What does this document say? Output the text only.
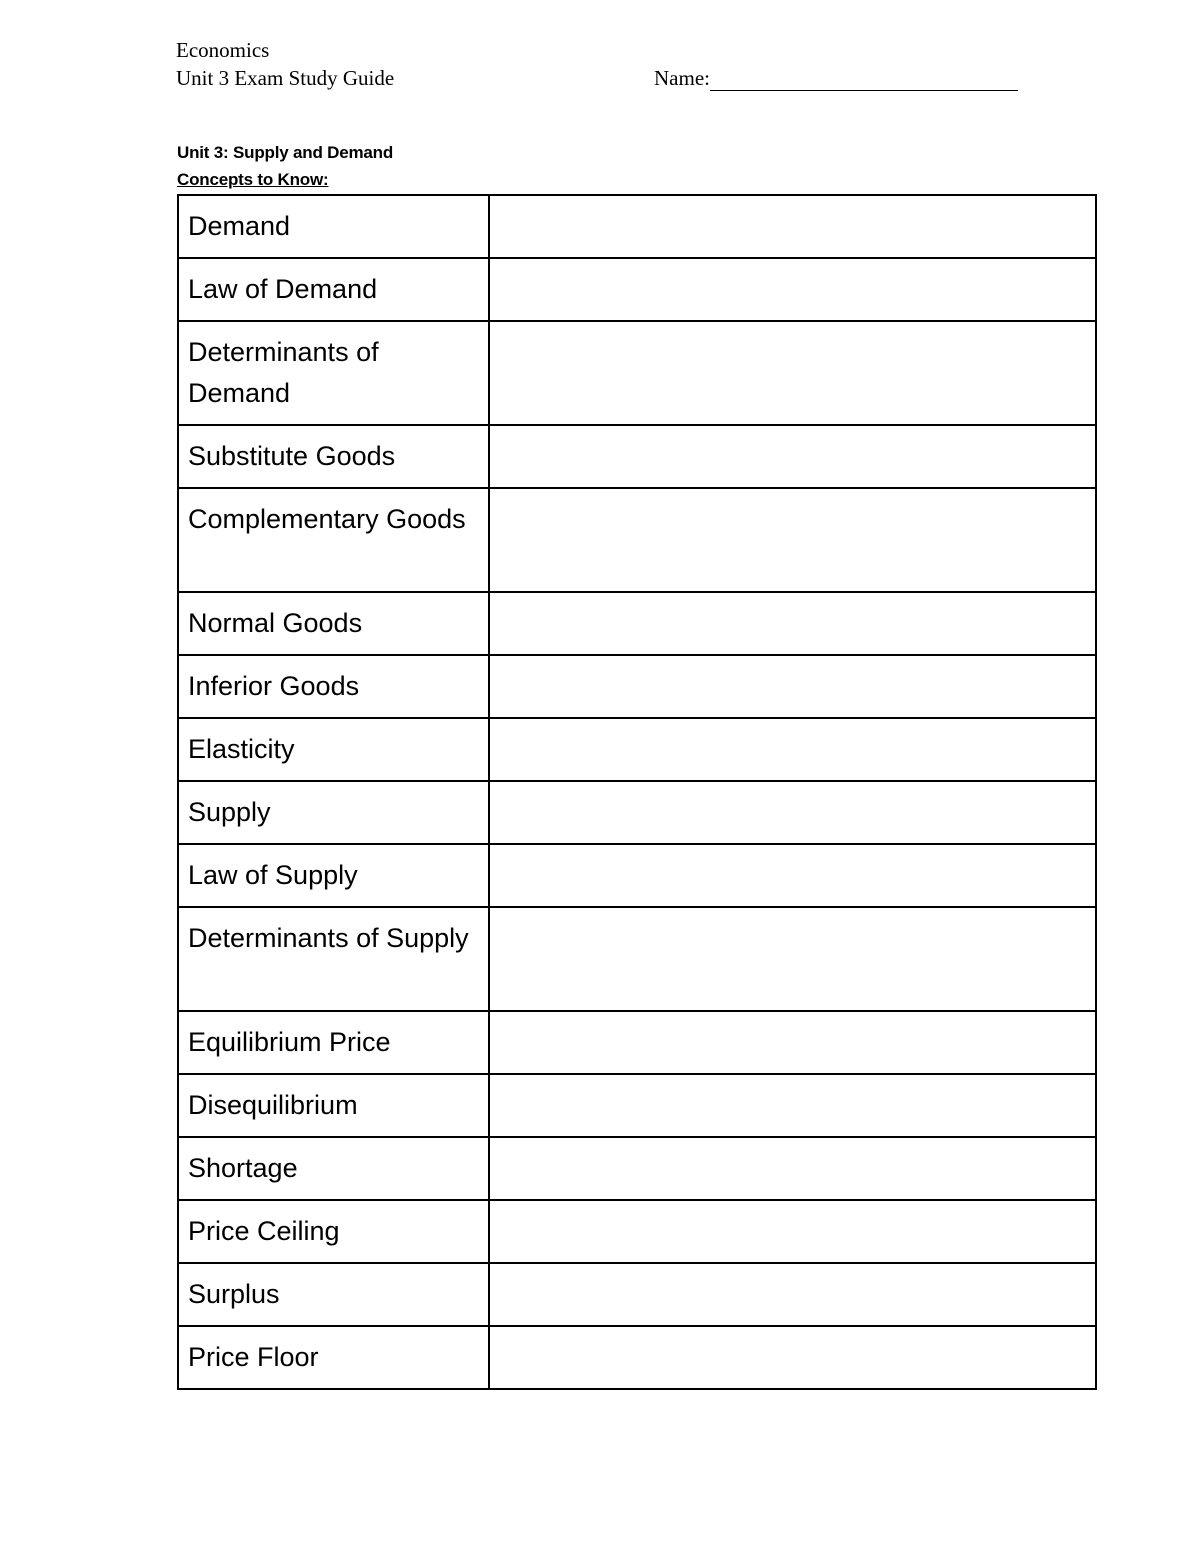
Economics
Unit 3 Exam Study Guide	Name:
Unit 3: Supply and Demand
Concepts to Know:
Demand	
Law of Demand	
Determinants of Demand	
Substitute Goods	
Complementary Goods	
Normal Goods	
Inferior Goods	
Elasticity	
Supply	
Law of Supply	
Determinants of Supply	
Equilibrium Price	
Disequilibrium	
Shortage	
Price Ceiling	
Surplus	
Price Floor	
